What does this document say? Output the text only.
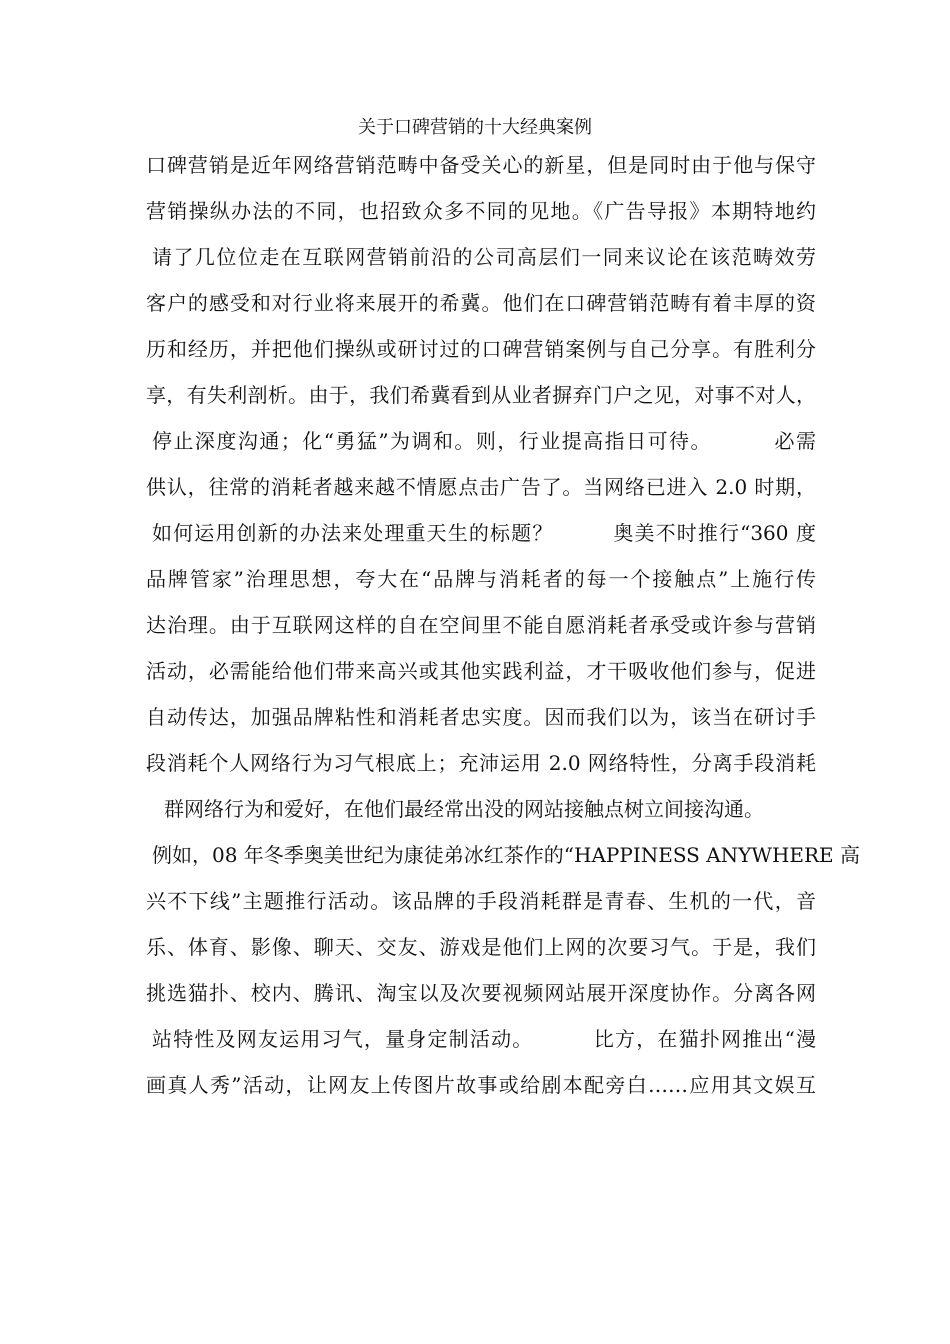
关于口碑营销的十大经典案例
口碑营销是近年网络营销范畴中备受关心的新星，但是同时由于他与保守
营销操纵办法的不同，也招致众多不同的见地。《广告导报》本期特地约
请了几位位走在互联网营销前沿的公司高层们一同来议论在该范畴效劳
客户的感受和对行业将来展开的希冀。他们在口碑营销范畴有着丰厚的资
历和经历，并把他们操纵或研讨过的口碑营销案例与自己分享。有胜利分
享，有失利剖析。由于，我们希冀看到从业者摒弃门户之见，对事不对人，
停止深度沟通；化“勇猛”为调和。则，行业提高指日可待。        必需
供认，往常的消耗者越来越不情愿点击广告了。当网络已进入 2.0 时期，
如何运用创新的办法来处理重天生的标题？        奥美不时推行“360 度
品牌管家”治理思想，夸大在“品牌与消耗者的每一个接触点”上施行传
达治理。由于互联网这样的自在空间里不能自愿消耗者承受或许参与营销
活动，必需能给他们带来高兴或其他实践利益，才干吸收他们参与，促进
自动传达，加强品牌粘性和消耗者忠实度。因而我们以为，该当在研讨手
段消耗个人网络行为习气根底上；充沛运用 2.0 网络特性，分离手段消耗
群网络行为和爱好，在他们最经常出没的网站接触点树立间接沟通。
例如，08 年冬季奥美世纪为康徒弟冰红茶作的“HAPPINESS ANYWHERE 高
兴不下线”主题推行活动。该品牌的手段消耗群是青春、生机的一代，音
乐、体育、影像、聊天、交友、游戏是他们上网的次要习气。于是，我们
挑选猫扑、校内、腾讯、淘宝以及次要视频网站展开深度协作。分离各网
站特性及网友运用习气，量身定制活动。        比方，在猫扑网推出“漫
画真人秀”活动，让网友上传图片故事或给剧本配旁白……应用其文娱互
